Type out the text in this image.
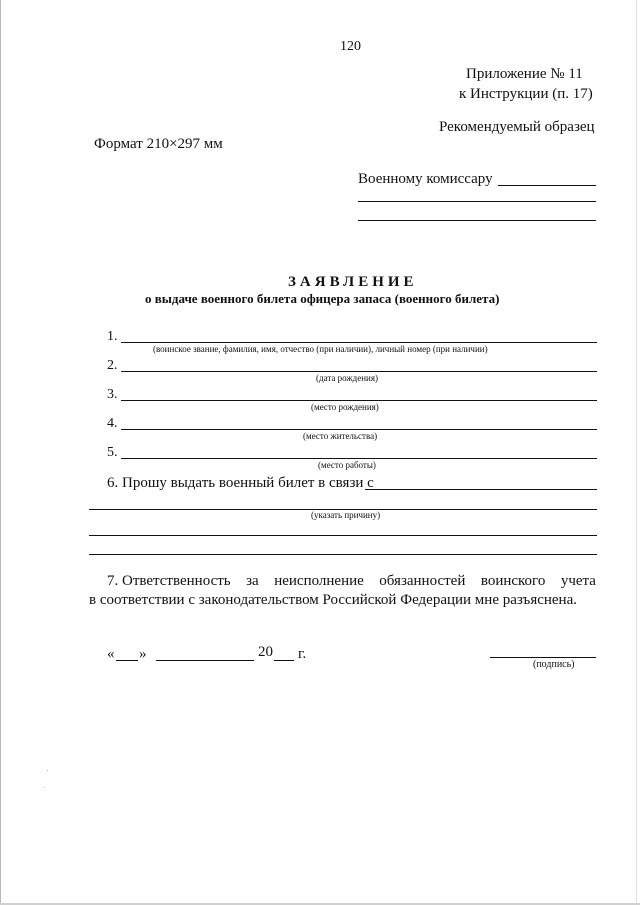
120
Приложение № 11
к Инструкции (п. 17)
Рекомендуемый образец
Формат 210×297 мм
Военному комиссару
ЗАЯВЛЕНИЕ
о выдаче военного билета офицера запаса (военного билета)
1.
(воинское звание, фамилия, имя, отчество (при наличии), личный номер (при наличии)
2.
(дата рождения)
3.
(место рождения)
4.
(место жительства)
5.
(место работы)
6. Прошу выдать военный билет в связи с
(указать причину)
7. Ответственность за неисполнение обязанностей воинского учета
в соответствии с законодательством Российской Федерации мне разъяснена.
« »	20 г.
(подпись)
